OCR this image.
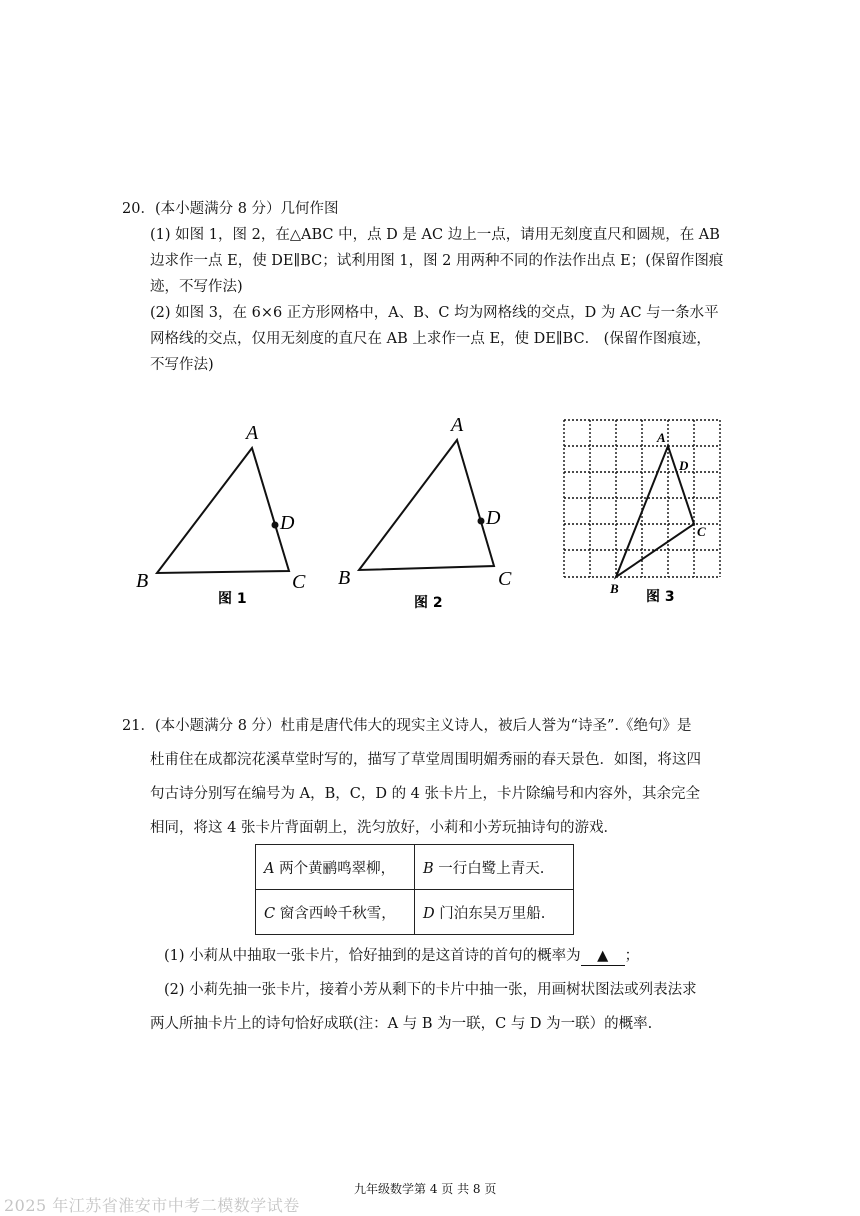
20．(本小题满分 8 分）几何作图
(1) 如图 1，图 2，在△ABC 中，点 D 是 AC 边上一点，请用无刻度直尺和圆规，在 AB
边求作一点 E，使 DE∥BC；试利用图 1，图 2 用两种不同的作法作出点 E；(保留作图痕
迹，不写作法)
(2) 如图 3，在 6×6 正方形网格中，A、B、C 均为网格线的交点，D 为 AC 与一条水平
网格线的交点，仅用无刻度的直尺在 AB 上求作一点 E，使 DE∥BC． (保留作图痕迹，
不写作法)
A
B	C
D
图 1
A
B	C
D
图 2
A
D
C
B
图 3
21．(本小题满分 8 分）杜甫是唐代伟大的现实主义诗人，被后人誉为“诗圣”.《绝句》是
杜甫住在成都浣花溪草堂时写的，描写了草堂周围明媚秀丽的春天景色．如图，将这四
句古诗分别写在编号为 A，B，C，D 的 4 张卡片上，卡片除编号和内容外，其余完全
相同，将这 4 张卡片背面朝上，洗匀放好，小莉和小芳玩抽诗句的游戏．
A 两个黄鹂鸣翠柳，	B 一行白鹭上青天.
C 窗含西岭千秋雪，	D 门泊东吴万里船.
(1) 小莉从中抽取一张卡片，恰好抽到的是这首诗的首句的概率为 ▲ ；
(2) 小莉先抽一张卡片，接着小芳从剩下的卡片中抽一张，用画树状图法或列表法求
两人所抽卡片上的诗句恰好成联(注：A 与 B 为一联，C 与 D 为一联）的概率.
九年级数学第 4 页 共 8 页
2025 年江苏省淮安市中考二模数学试卷
